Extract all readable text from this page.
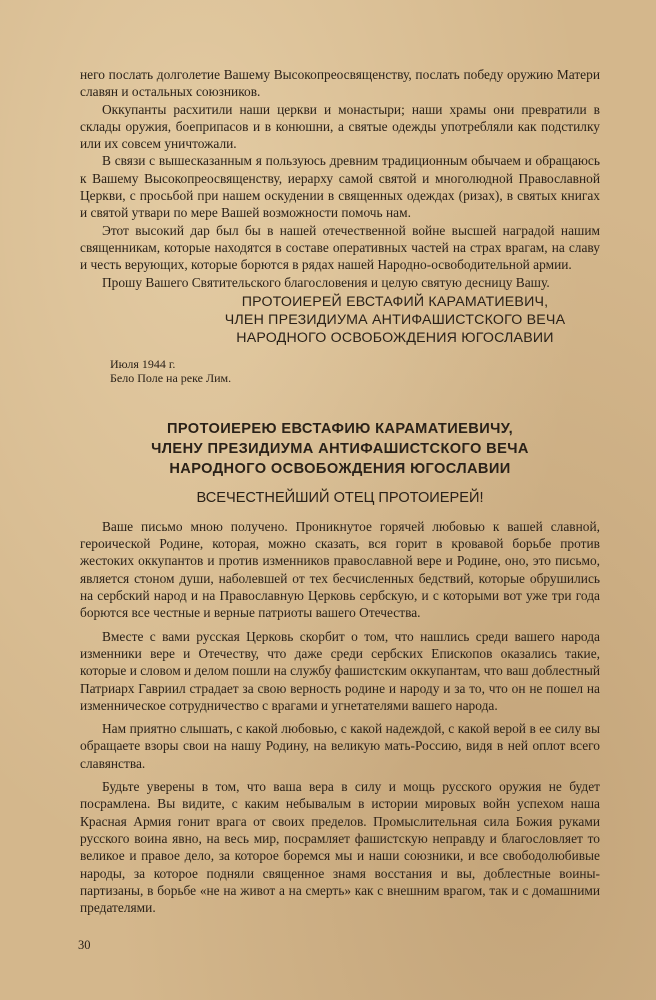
него послать долголетие Вашему Высокопреосвященству, послать победу оружию Матери славян и остальных союзников.

Оккупанты расхитили наши церкви и монастыри; наши храмы они превратили в склады оружия, боеприпасов и в конюшни, а святые одежды употребляли как подстилку или их совсем уничтожали.

В связи с вышесказанным я пользуюсь древним традиционным обычаем и обращаюсь к Вашему Высокопреосвященству, иерарху самой святой и многолюдной Православной Церкви, с просьбой при нашем оскудении в священных одеждах (ризах), в святых книгах и святой утвари по мере Вашей возможности помочь нам.

Этот высокий дар был бы в нашей отечественной войне высшей наградой нашим священникам, которые находятся в составе оперативных частей на страх врагам, на славу и честь верующих, которые борются в рядах нашей Народно-освободительной армии.

Прошу Вашего Святительского благословения и целую святую десницу Вашу.

ПРОТОИЕРЕЙ ЕВСТАФИЙ КАРАМАТИЕВИЧ,
ЧЛЕН ПРЕЗИДИУМА АНТИФАШИСТСКОГО ВЕЧА
НАРОДНОГО ОСВОБОЖДЕНИЯ ЮГОСЛАВИИ
Июля 1944 г.
Бело Поле на реке Лим.
ПРОТОИЕРЕЮ ЕВСТАФИЮ КАРАМАТИЕВИЧУ,
ЧЛЕНУ ПРЕЗИДИУМА АНТИФАШИСТСКОГО ВЕЧА
НАРОДНОГО ОСВОБОЖДЕНИЯ ЮГОСЛАВИИ
ВСЕЧЕСТНЕЙШИЙ ОТЕЦ ПРОТОИЕРЕЙ!

Ваше письмо мною получено. Проникнутое горячей любовью к вашей славной, героической Родине, которая, можно сказать, вся горит в кровавой борьбе против жестоких оккупантов и против изменников православной вере и Родине, оно, это письмо, является стоном души, наболевшей от тех бесчисленных бедствий, которые обрушились на сербский народ и на Православную Церковь сербскую, и с которыми вот уже три года борются все честные и верные патриоты вашего Отечества.

Вместе с вами русская Церковь скорбит о том, что нашлись среди вашего народа изменники вере и Отечеству, что даже среди сербских Епископов оказались такие, которые и словом и делом пошли на службу фашистским оккупантам, что ваш доблестный Патриарх Гавриил страдает за свою верность родине и народу и за то, что он не пошел на изменническое сотрудничество с врагами и угнетателями вашего народа.

Нам приятно слышать, с какой любовью, с какой надеждой, с какой верой в ее силу вы обращаете взоры свои на нашу Родину, на великую мать-Россию, видя в ней оплот всего славянства.

Будьте уверены в том, что ваша вера в силу и мощь русского оружия не будет посрамлена. Вы видите, с каким небывалым в истории мировых войн успехом наша Красная Армия гонит врага от своих пределов. Промыслительная сила Божия руками русского воина явно, на весь мир, посрамляет фашистскую неправду и благословляет то великое и правое дело, за которое боремся мы и наши союзники, и все свободолюбивые народы, за которое подняли священное знамя восстания и вы, доблестные воины-партизаны, в борьбе «не на живот а на смерть» как с внешним врагом, так и с домашними предателями.

30
